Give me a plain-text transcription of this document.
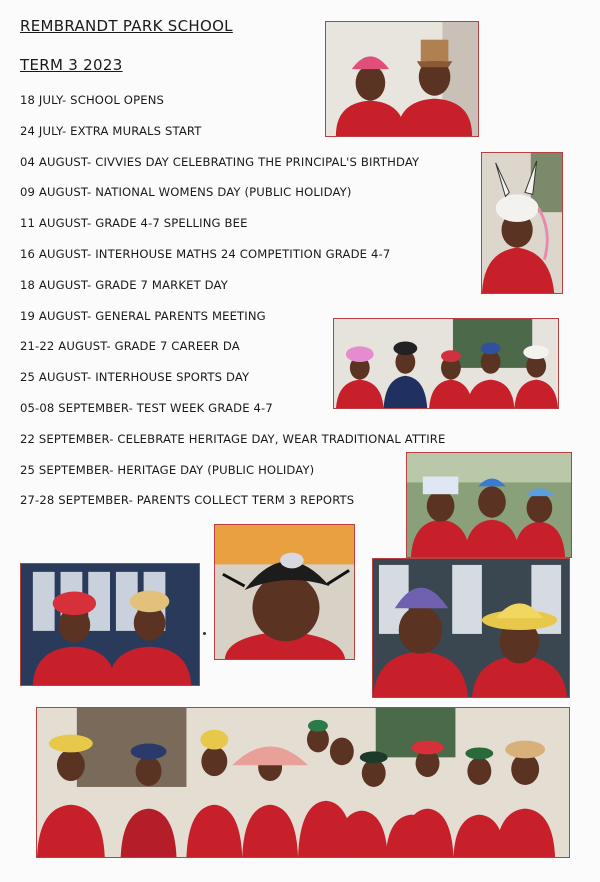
REMBRANDT PARK SCHOOL
TERM 3 2023
18 JULY- SCHOOL OPENS
24 JULY- EXTRA MURALS START
04 AUGUST- CIVVIES DAY CELEBRATING THE PRINCIPAL'S BIRTHDAY
09 AUGUST- NATIONAL WOMENS DAY (PUBLIC HOLIDAY)
11 AUGUST- GRADE 4-7 SPELLING BEE
16 AUGUST- INTERHOUSE MATHS 24 COMPETITION GRADE 4-7
18 AUGUST- GRADE 7 MARKET DAY
19 AUGUST- GENERAL PARENTS MEETING
21-22 AUGUST- GRADE 7 CAREER DA
25 AUGUST- INTERHOUSE SPORTS DAY
05-08 SEPTEMBER- TEST WEEK GRADE 4-7
22 SEPTEMBER- CELEBRATE HERITAGE DAY, WEAR TRADITIONAL ATTIRE
25 SEPTEMBER- HERITAGE DAY (PUBLIC HOLIDAY)
27-28 SEPTEMBER- PARENTS COLLECT TERM 3 REPORTS
